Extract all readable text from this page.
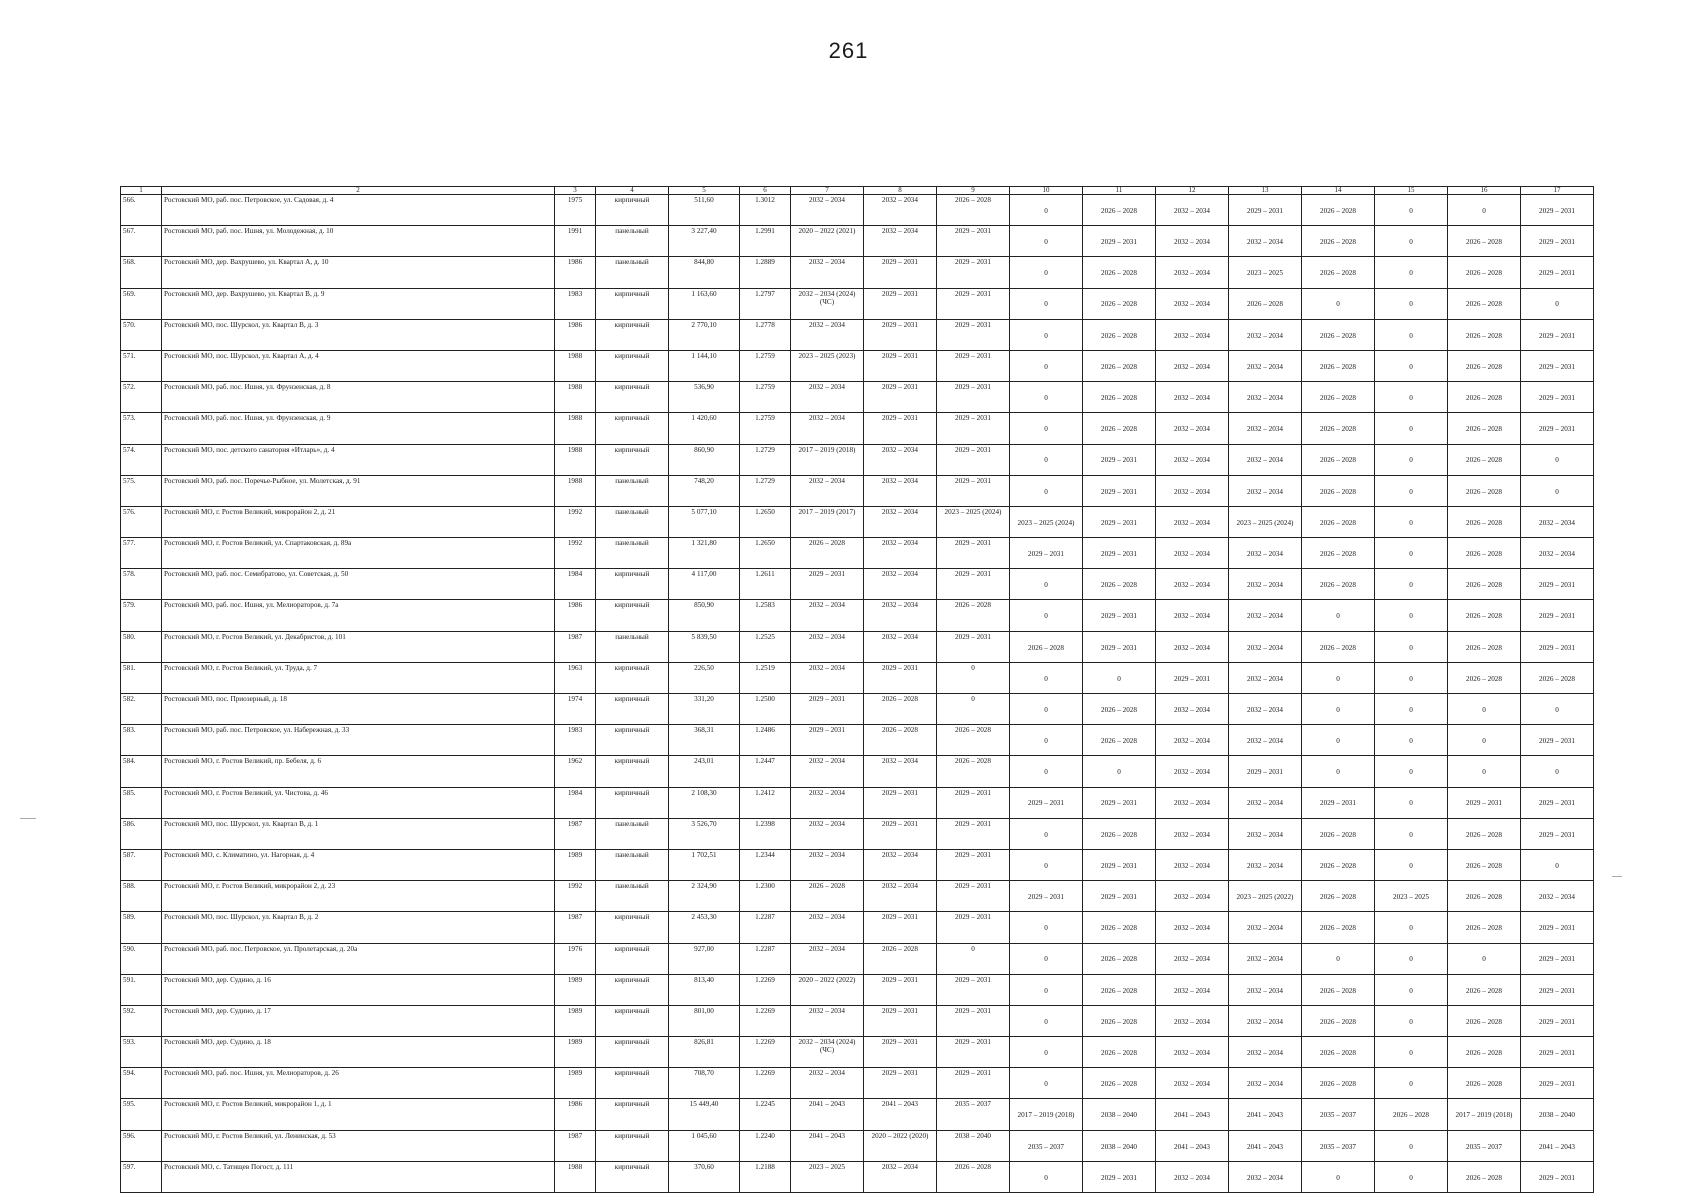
261
1	2	3	4	5	6	7	8	9	10	11	12	13	14	15	16	17
566.	Ростовский МО, раб. пос. Петровское, ул. Садовая, д. 4	1975	кирпичный	511,60	1.3012	2032 – 2034	2032 – 2034	2026 – 2028	0	2026 – 2028	2032 – 2034	2029 – 2031	2026 – 2028	0	0	2029 – 2031
567.	Ростовский МО, раб. пос. Ишня, ул. Молодежная, д. 10	1991	панельный	3 227,40	1.2991	2020 – 2022 (2021)	2032 – 2034	2029 – 2031	0	2029 – 2031	2032 – 2034	2032 – 2034	2026 – 2028	0	2026 – 2028	2029 – 2031
568.	Ростовский МО, дер. Вахрушево, ул. Квартал А, д. 10	1986	панельный	844,80	1.2889	2032 – 2034	2029 – 2031	2029 – 2031	0	2026 – 2028	2032 – 2034	2023 – 2025	2026 – 2028	0	2026 – 2028	2029 – 2031
569.	Ростовский МО, дер. Вахрушево, ул. Квартал В, д. 9	1983	кирпичный	1 163,60	1.2797	2032 – 2034 (2024) (ЧС)	2029 – 2031	2029 – 2031	0	2026 – 2028	2032 – 2034	2026 – 2028	0	0	2026 – 2028	0
570.	Ростовский МО, пос. Шурскол, ул. Квартал В, д. 3	1986	кирпичный	2 770,10	1.2778	2032 – 2034	2029 – 2031	2029 – 2031	0	2026 – 2028	2032 – 2034	2032 – 2034	2026 – 2028	0	2026 – 2028	2029 – 2031
571.	Ростовский МО, пос. Шурскол, ул. Квартал А, д. 4	1988	кирпичный	1 144,10	1.2759	2023 – 2025 (2023)	2029 – 2031	2029 – 2031	0	2026 – 2028	2032 – 2034	2032 – 2034	2026 – 2028	0	2026 – 2028	2029 – 2031
572.	Ростовский МО, раб. пос. Ишня, ул. Фрунзенская, д. 8	1988	кирпичный	536,90	1.2759	2032 – 2034	2029 – 2031	2029 – 2031	0	2026 – 2028	2032 – 2034	2032 – 2034	2026 – 2028	0	2026 – 2028	2029 – 2031
573.	Ростовский МО, раб. пос. Ишня, ул. Фрунзенская, д. 9	1988	кирпичный	1 420,60	1.2759	2032 – 2034	2029 – 2031	2029 – 2031	0	2026 – 2028	2032 – 2034	2032 – 2034	2026 – 2028	0	2026 – 2028	2029 – 2031
574.	Ростовский МО, пос. детского санатория «Итларь», д. 4	1988	кирпичный	860,90	1.2729	2017 – 2019 (2018)	2032 – 2034	2029 – 2031	0	2029 – 2031	2032 – 2034	2032 – 2034	2026 – 2028	0	2026 – 2028	0
575.	Ростовский МО, раб. пос. Поречье-Рыбное, ул. Молетская, д. 91	1988	панельный	748,20	1.2729	2032 – 2034	2032 – 2034	2029 – 2031	0	2029 – 2031	2032 – 2034	2032 – 2034	2026 – 2028	0	2026 – 2028	0
576.	Ростовский МО, г. Ростов Великий, микрорайон 2, д. 21	1992	панельный	5 077,10	1.2650	2017 – 2019 (2017)	2032 – 2034	2023 – 2025 (2024)	2023 – 2025 (2024)	2029 – 2031	2032 – 2034	2023 – 2025 (2024)	2026 – 2028	0	2026 – 2028	2032 – 2034
577.	Ростовский МО, г. Ростов Великий, ул. Спартаковская, д. 89а	1992	панельный	1 321,80	1.2650	2026 – 2028	2032 – 2034	2029 – 2031	2029 – 2031	2029 – 2031	2032 – 2034	2032 – 2034	2026 – 2028	0	2026 – 2028	2032 – 2034
578.	Ростовский МО, раб. пос. Семибратово, ул. Советская, д. 50	1984	кирпичный	4 117,00	1.2611	2029 – 2031	2032 – 2034	2029 – 2031	0	2026 – 2028	2032 – 2034	2032 – 2034	2026 – 2028	0	2026 – 2028	2029 – 2031
579.	Ростовский МО, раб. пос. Ишня, ул. Мелиораторов, д. 7а	1986	кирпичный	850,90	1.2583	2032 – 2034	2032 – 2034	2026 – 2028	0	2029 – 2031	2032 – 2034	2032 – 2034	0	0	2026 – 2028	2029 – 2031
580.	Ростовский МО, г. Ростов Великий, ул. Декабристов, д. 101	1987	панельный	5 839,50	1.2525	2032 – 2034	2032 – 2034	2029 – 2031	2026 – 2028	2029 – 2031	2032 – 2034	2032 – 2034	2026 – 2028	0	2026 – 2028	2029 – 2031
581.	Ростовский МО, г. Ростов Великий, ул. Труда, д. 7	1963	кирпичный	226,50	1.2519	2032 – 2034	2029 – 2031	0	0	0	2029 – 2031	2032 – 2034	0	0	2026 – 2028	2026 – 2028
582.	Ростовский МО, пос. Приозерный, д. 18	1974	кирпичный	331,20	1.2500	2029 – 2031	2026 – 2028	0	0	2026 – 2028	2032 – 2034	2032 – 2034	0	0	0	0
583.	Ростовский МО, раб. пос. Петровское, ул. Набережная, д. 33	1983	кирпичный	368,31	1.2486	2029 – 2031	2026 – 2028	2026 – 2028	0	2026 – 2028	2032 – 2034	2032 – 2034	0	0	0	2029 – 2031
584.	Ростовский МО, г. Ростов Великий, пр. Бебеля, д. 6	1962	кирпичный	243,01	1.2447	2032 – 2034	2032 – 2034	2026 – 2028	0	0	2032 – 2034	2029 – 2031	0	0	0	0
585.	Ростовский МО, г. Ростов Великий, ул. Чистова, д. 46	1984	кирпичный	2 108,30	1.2412	2032 – 2034	2029 – 2031	2029 – 2031	2029 – 2031	2029 – 2031	2032 – 2034	2032 – 2034	2029 – 2031	0	2029 – 2031	2029 – 2031
586.	Ростовский МО, пос. Шурскол, ул. Квартал В, д. 1	1987	панельный	3 526,70	1.2398	2032 – 2034	2029 – 2031	2029 – 2031	0	2026 – 2028	2032 – 2034	2032 – 2034	2026 – 2028	0	2026 – 2028	2029 – 2031
587.	Ростовский МО, с. Климатино, ул. Нагорная, д. 4	1989	панельный	1 702,51	1.2344	2032 – 2034	2032 – 2034	2029 – 2031	0	2029 – 2031	2032 – 2034	2032 – 2034	2026 – 2028	0	2026 – 2028	0
588.	Ростовский МО, г. Ростов Великий, микрорайон 2, д. 23	1992	панельный	2 324,90	1.2300	2026 – 2028	2032 – 2034	2029 – 2031	2029 – 2031	2029 – 2031	2032 – 2034	2023 – 2025 (2022)	2026 – 2028	2023 – 2025	2026 – 2028	2032 – 2034
589.	Ростовский МО, пос. Шурскол, ул. Квартал В, д. 2	1987	кирпичный	2 453,30	1.2287	2032 – 2034	2029 – 2031	2029 – 2031	0	2026 – 2028	2032 – 2034	2032 – 2034	2026 – 2028	0	2026 – 2028	2029 – 2031
590.	Ростовский МО, раб. пос. Петровское, ул. Пролетарская, д. 20а	1976	кирпичный	927,00	1.2287	2032 – 2034	2026 – 2028	0	0	2026 – 2028	2032 – 2034	2032 – 2034	0	0	0	2029 – 2031
591.	Ростовский МО, дер. Судино, д. 16	1989	кирпичный	813,40	1.2269	2020 – 2022 (2022)	2029 – 2031	2029 – 2031	0	2026 – 2028	2032 – 2034	2032 – 2034	2026 – 2028	0	2026 – 2028	2029 – 2031
592.	Ростовский МО, дер. Судино, д. 17	1989	кирпичный	801,00	1.2269	2032 – 2034	2029 – 2031	2029 – 2031	0	2026 – 2028	2032 – 2034	2032 – 2034	2026 – 2028	0	2026 – 2028	2029 – 2031
593.	Ростовский МО, дер. Судино, д. 18	1989	кирпичный	826,81	1.2269	2032 – 2034 (2024) (ЧС)	2029 – 2031	2029 – 2031	0	2026 – 2028	2032 – 2034	2032 – 2034	2026 – 2028	0	2026 – 2028	2029 – 2031
594.	Ростовский МО, раб. пос. Ишня, ул. Мелиораторов, д. 26	1989	кирпичный	708,70	1.2269	2032 – 2034	2029 – 2031	2029 – 2031	0	2026 – 2028	2032 – 2034	2032 – 2034	2026 – 2028	0	2026 – 2028	2029 – 2031
595.	Ростовский МО, г. Ростов Великий, микрорайон 1, д. 1	1986	кирпичный	15 449,40	1.2245	2041 – 2043	2041 – 2043	2035 – 2037	2017 – 2019 (2018)	2038 – 2040	2041 – 2043	2041 – 2043	2035 – 2037	2026 – 2028	2017 – 2019 (2018)	2038 – 2040
596.	Ростовский МО, г. Ростов Великий, ул. Ленинская, д. 53	1987	кирпичный	1 045,60	1.2240	2041 – 2043	2020 – 2022 (2020)	2038 – 2040	2035 – 2037	2038 – 2040	2041 – 2043	2041 – 2043	2035 – 2037	0	2035 – 2037	2041 – 2043
597.	Ростовский МО, с. Татищев Погост, д. 111	1988	кирпичный	370,60	1.2188	2023 – 2025	2032 – 2034	2026 – 2028	0	2029 – 2031	2032 – 2034	2032 – 2034	0	0	2026 – 2028	2029 – 2031
